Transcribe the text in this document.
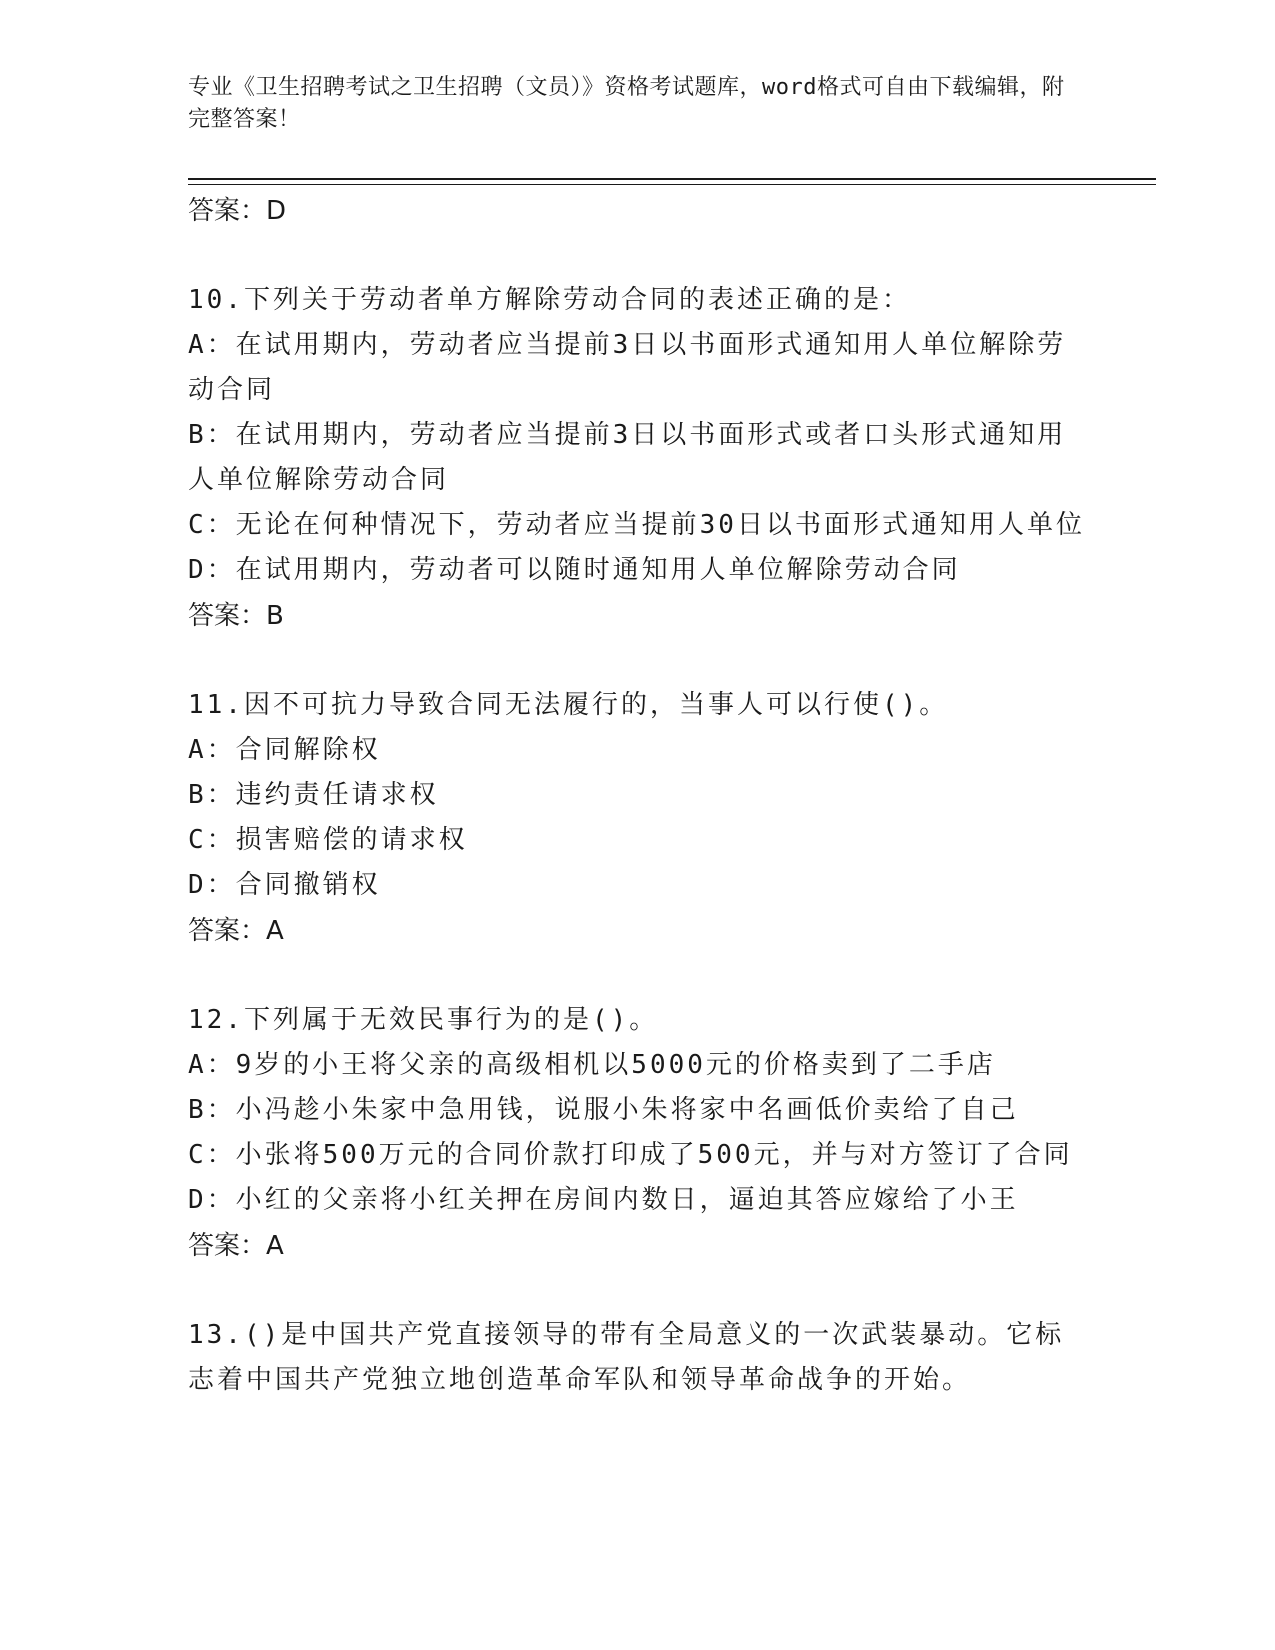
专业《卫生招聘考试之卫生招聘（文员）》资格考试题库，word格式可自由下载编辑，附完整答案！

答案：D

10.下列关于劳动者单方解除劳动合同的表述正确的是：

A：在试用期内，劳动者应当提前3日以书面形式通知用人单位解除劳动合同

B：在试用期内，劳动者应当提前3日以书面形式或者口头形式通知用人单位解除劳动合同

C：无论在何种情况下，劳动者应当提前30日以书面形式通知用人单位

D：在试用期内，劳动者可以随时通知用人单位解除劳动合同

答案：B

11.因不可抗力导致合同无法履行的，当事人可以行使()。

A：合同解除权

B：违约责任请求权

C：损害赔偿的请求权

D：合同撤销权

答案：A

12.下列属于无效民事行为的是()。

A：9岁的小王将父亲的高级相机以5000元的价格卖到了二手店

B：小冯趁小朱家中急用钱，说服小朱将家中名画低价卖给了自己

C：小张将500万元的合同价款打印成了500元，并与对方签订了合同

D：小红的父亲将小红关押在房间内数日，逼迫其答应嫁给了小王

答案：A

13.()是中国共产党直接领导的带有全局意义的一次武装暴动。它标志着中国共产党独立地创造革命军队和领导革命战争的开始。
